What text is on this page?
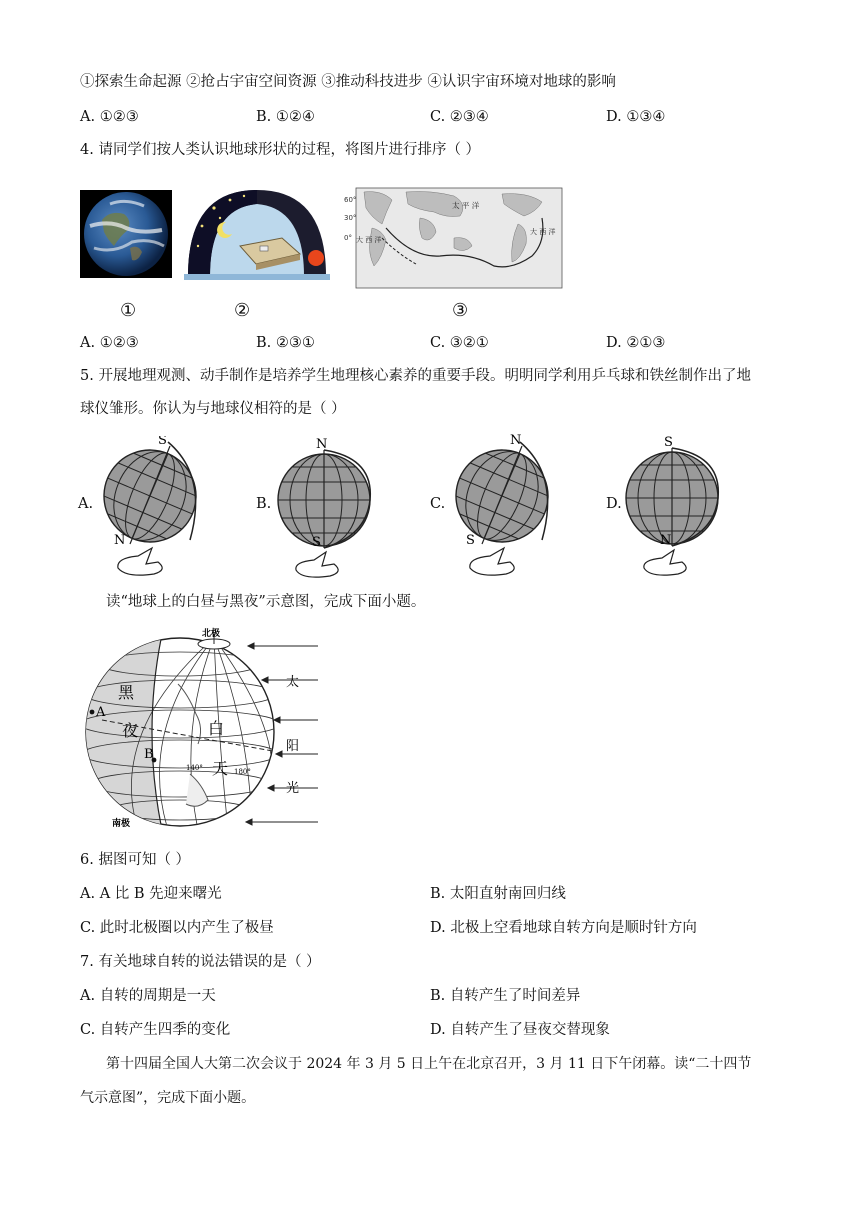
①探索生命起源 ②抢占宇宙空间资源 ③推动科技进步 ④认识宇宙环境对地球的影响
A. ①②③	B. ①②④	C. ②③④	D. ①③④
4. 请同学们按人类认识地球形状的过程，将图片进行排序（ ）
60°
30°
0°
太 平 洋
大 西 洋
大 西 洋
①	②	③
A. ①②③	B. ②③①	C. ③②①	D. ②①③
5. 开展地理观测、动手制作是培养学生地理核心素养的重要手段。明明同学利用乒乓球和铁丝制作出了地
球仪雏形。你认为与地球仪相符的是（ ）
A.
S
N
B.
N
S
C.
N
S
D.
S
N
读“地球上的白昼与黑夜”示意图，完成下面小题。
北极
南极
黑
夜	白
天
太
阳
光
A
B
140°	180°
6. 据图可知（ ）
A. A 比 B 先迎来曙光	B. 太阳直射南回归线
C. 此时北极圈以内产生了极昼	D. 北极上空看地球自转方向是顺时针方向
7. 有关地球自转的说法错误的是（ ）
A. 自转的周期是一天	B. 自转产生了时间差异
C. 自转产生四季的变化	D. 自转产生了昼夜交替现象
第十四届全国人大第二次会议于 2024 年 3 月 5 日上午在北京召开，3 月 11 日下午闭幕。读“二十四节
气示意图”，完成下面小题。
